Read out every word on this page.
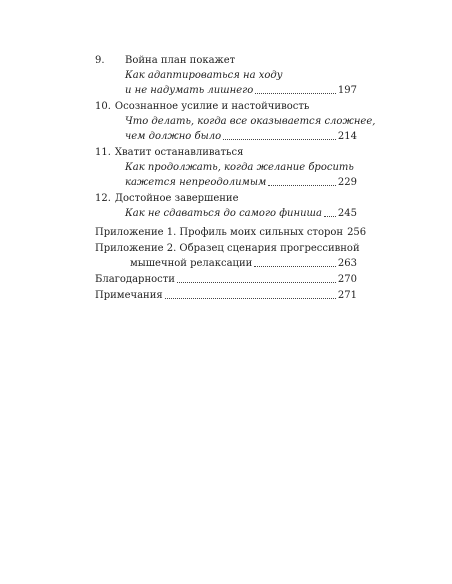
9.	Война план покажет
Как адаптироваться на ходу
и не надумать лишнего	197
10. Осознанное усилие и настойчивость
Что делать, когда все оказывается сложнее,
чем должно было	214
11. Хватит останавливаться
Как продолжать, когда желание бросить
кажется непреодолимым	229
12. Достойное завершение
Как не сдаваться до самого финиша 245
Приложение 1. Профиль моих сильных сторон 256
Приложение 2. Образец сценария прогрессивной
мышечной релаксации	263
Благодарности	270
Примечания	271
